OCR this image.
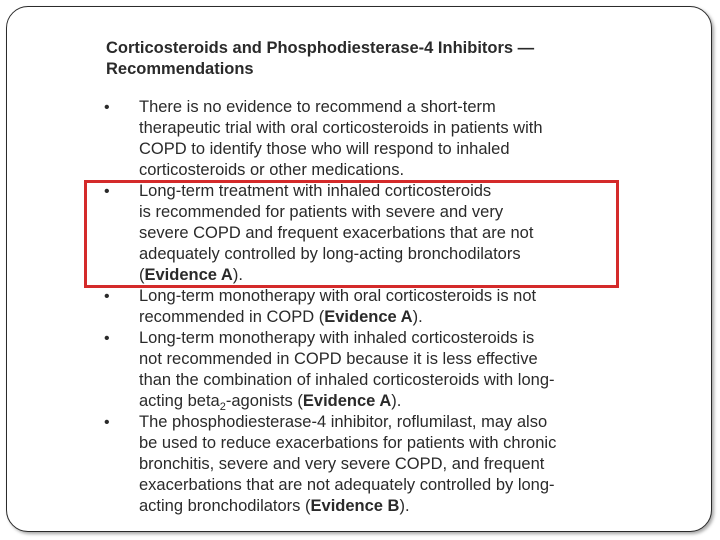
Corticosteroids and Phosphodiesterase-4 Inhibitors —
Recommendations
• There is no evidence to recommend a short-term
therapeutic trial with oral corticosteroids in patients with
COPD to identify those who will respond to inhaled
corticosteroids or other medications.
• Long-term treatment with inhaled corticosteroids
is recommended for patients with severe and very
severe COPD and frequent exacerbations that are not
adequately controlled by long-acting bronchodilators
(Evidence A).
• Long-term monotherapy with oral corticosteroids is not
recommended in COPD (Evidence A).
• Long-term monotherapy with inhaled corticosteroids is
not recommended in COPD because it is less effective
than the combination of inhaled corticosteroids with long-
acting beta$_2$-agonists (Evidence A).
• The phosphodiesterase-4 inhibitor, roflumilast, may also
be used to reduce exacerbations for patients with chronic
bronchitis, severe and very severe COPD, and frequent
exacerbations that are not adequately controlled by long-
acting bronchodilators (Evidence B).
